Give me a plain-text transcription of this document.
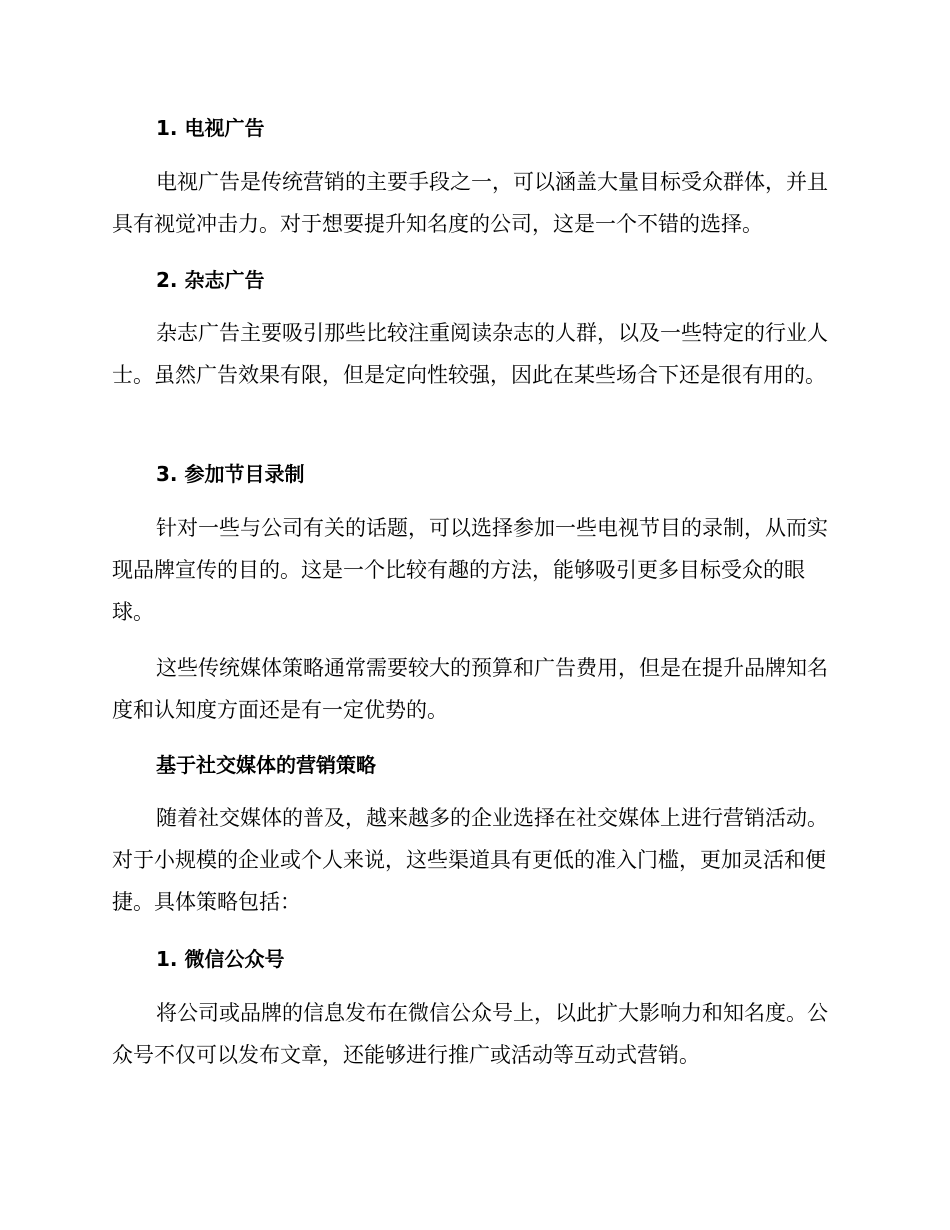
1. 电视广告

电视广告是传统营销的主要手段之一，可以涵盖大量目标受众群体，并且具有视觉冲击力。对于想要提升知名度的公司，这是一个不错的选择。

2. 杂志广告

杂志广告主要吸引那些比较注重阅读杂志的人群，以及一些特定的行业人士。虽然广告效果有限，但是定向性较强，因此在某些场合下还是很有用的。

3. 参加节目录制

针对一些与公司有关的话题，可以选择参加一些电视节目的录制，从而实现品牌宣传的目的。这是一个比较有趣的方法，能够吸引更多目标受众的眼球。

这些传统媒体策略通常需要较大的预算和广告费用，但是在提升品牌知名度和认知度方面还是有一定优势的。

基于社交媒体的营销策略

随着社交媒体的普及，越来越多的企业选择在社交媒体上进行营销活动。对于小规模的企业或个人来说，这些渠道具有更低的准入门槛，更加灵活和便捷。具体策略包括：

1. 微信公众号

将公司或品牌的信息发布在微信公众号上，以此扩大影响力和知名度。公众号不仅可以发布文章，还能够进行推广或活动等互动式营销。
